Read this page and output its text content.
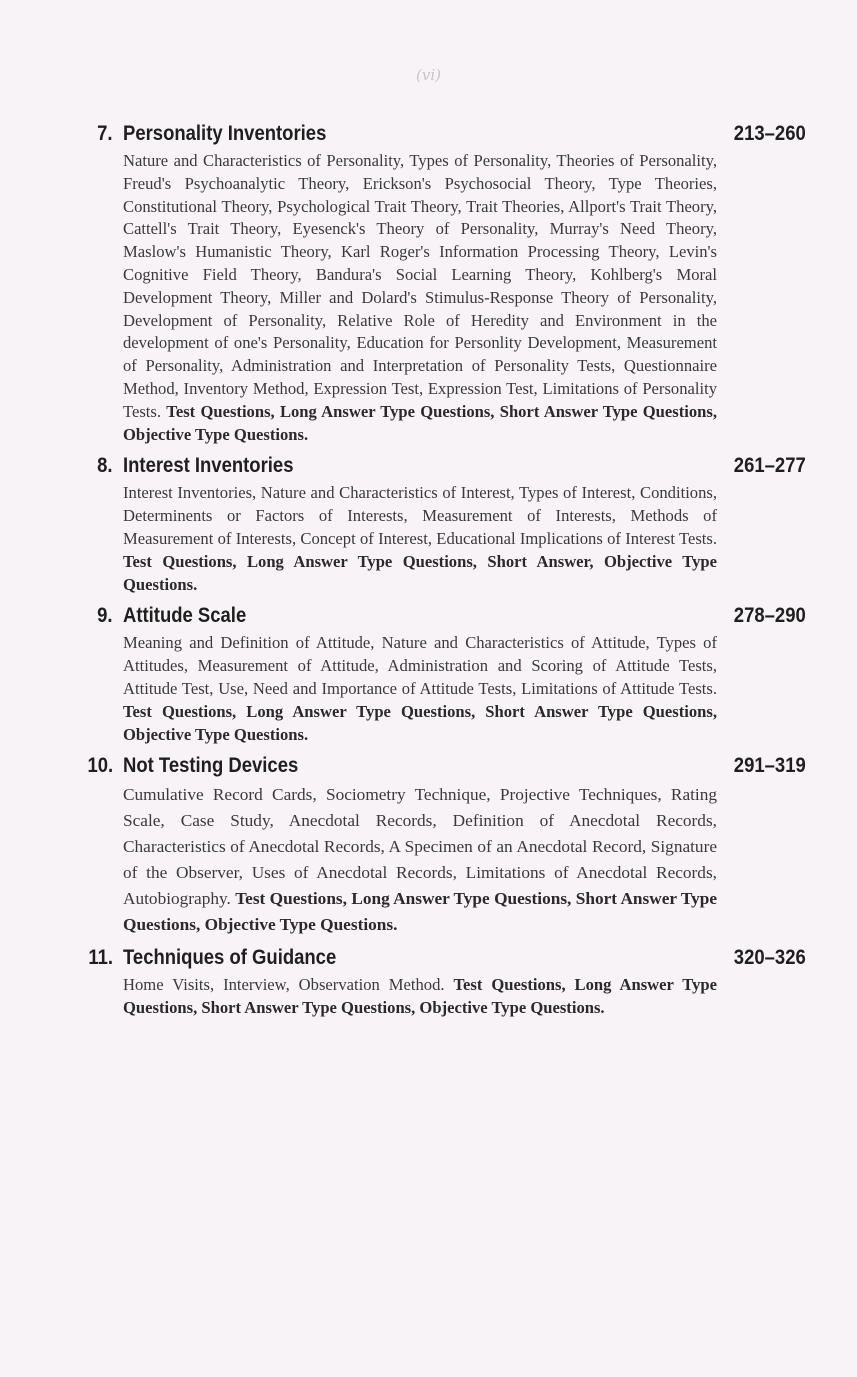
(vi)
7. Personality Inventories	213–260
Nature and Characteristics of Personality, Types of Personality, Theories of Personality, Freud's Psychoanalytic Theory, Erickson's Psychosocial Theory, Type Theories, Constitutional Theory, Psychological Trait Theory, Trait Theories, Allport's Trait Theory, Cattell's Trait Theory, Eyesenck's Theory of Personality, Murray's Need Theory, Maslow's Humanistic Theory, Karl Roger's Information Processing Theory, Levin's Cognitive Field Theory, Bandura's Social Learning Theory, Kohlberg's Moral Development Theory, Miller and Dolard's Stimulus-Response Theory of Personality, Development of Personality, Relative Role of Heredity and Environment in the development of one's Personality, Education for Personlity Development, Measurement of Personality, Administration and Interpretation of Personality Tests, Questionnaire Method, Inventory Method, Expression Test, Expression Test, Limitations of Personality Tests. Test Questions, Long Answer Type Questions, Short Answer Type Questions, Objective Type Questions.
8. Interest Inventories	261–277
Interest Inventories, Nature and Characteristics of Interest, Types of Interest, Conditions, Determinents or Factors of Interests, Measurement of Interests, Methods of Measurement of Interests, Concept of Interest, Educational Implications of Interest Tests. Test Questions, Long Answer Type Questions, Short Answer, Objective Type Questions.
9. Attitude Scale	278–290
Meaning and Definition of Attitude, Nature and Characteristics of Attitude, Types of Attitudes, Measurement of Attitude, Administration and Scoring of Attitude Tests, Attitude Test, Use, Need and Importance of Attitude Tests, Limitations of Attitude Tests. Test Questions, Long Answer Type Questions, Short Answer Type Questions, Objective Type Questions.
10. Not Testing Devices	291–319
Cumulative Record Cards, Sociometry Technique, Projective Techniques, Rating Scale, Case Study, Anecdotal Records, Definition of Anecdotal Records, Characteristics of Anecdotal Records, A Specimen of an Anecdotal Record, Signature of the Observer, Uses of Anecdotal Records, Limitations of Anecdotal Records, Autobiography. Test Questions, Long Answer Type Questions, Short Answer Type Questions, Objective Type Questions.
11. Techniques of Guidance	320–326
Home Visits, Interview, Observation Method. Test Questions, Long Answer Type Questions, Short Answer Type Questions, Objective Type Questions.
